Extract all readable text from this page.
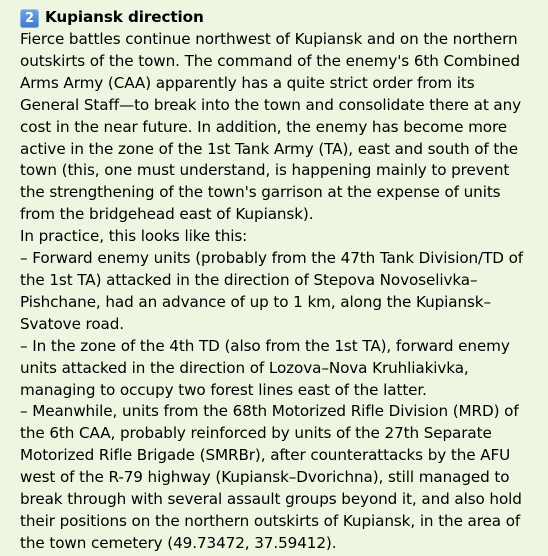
2 Kupiansk direction

Fierce battles continue northwest of Kupiansk and on the northern outskirts of the town. The command of the enemy's 6th Combined Arms Army (CAA) apparently has a quite strict order from its General Staff—to break into the town and consolidate there at any cost in the near future. In addition, the enemy has become more active in the zone of the 1st Tank Army (TA), east and south of the town (this, one must understand, is happening mainly to prevent the strengthening of the town's garrison at the expense of units from the bridgehead east of Kupiansk).

In practice, this looks like this:

– Forward enemy units (probably from the 47th Tank Division/TD of the 1st TA) attacked in the direction of Stepova Novoselivka–Pishchane, had an advance of up to 1 km, along the Kupiansk–Svatove road.

– In the zone of the 4th TD (also from the 1st TA), forward enemy units attacked in the direction of Lozova–Nova Kruhliakivka, managing to occupy two forest lines east of the latter.

– Meanwhile, units from the 68th Motorized Rifle Division (MRD) of the 6th CAA, probably reinforced by units of the 27th Separate Motorized Rifle Brigade (SMRBr), after counterattacks by the AFU west of the R-79 highway (Kupiansk–Dvorichna), still managed to break through with several assault groups beyond it, and also hold their positions on the northern outskirts of Kupiansk, in the area of the town cemetery (49.73472, 37.59412).
